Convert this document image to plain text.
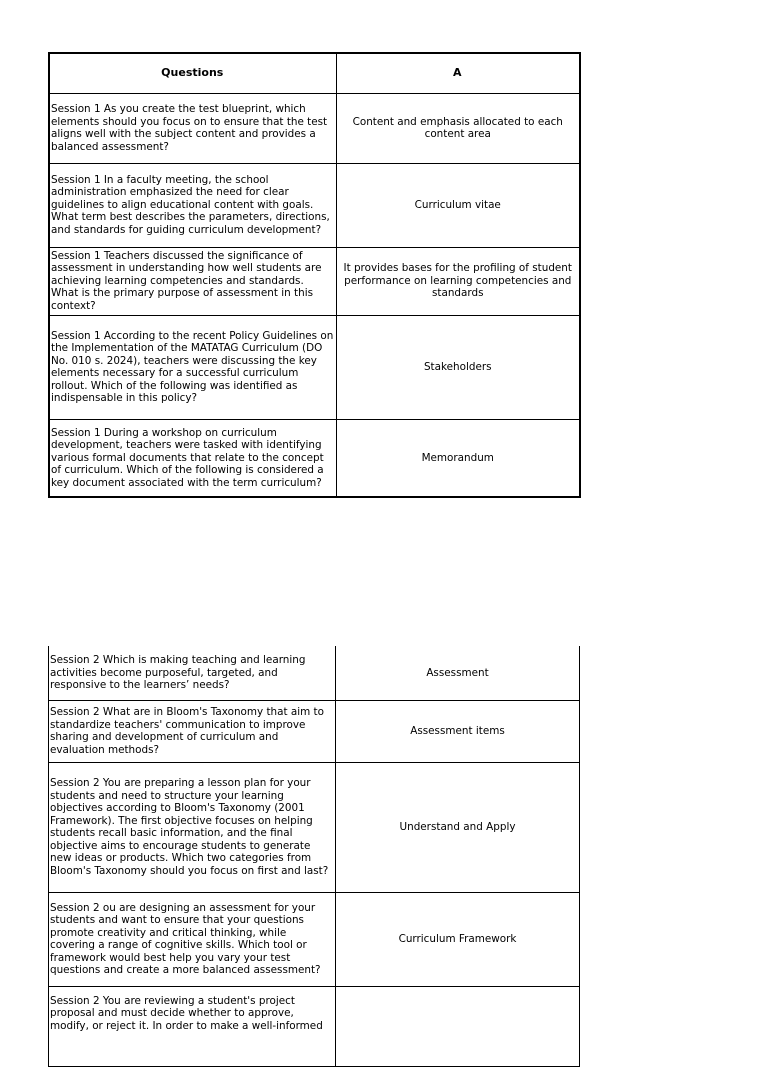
Questions	A
Session 1 As you create the test blueprint, which elements should you focus on to ensure that the test aligns well with the subject content and provides a balanced assessment?	Content and emphasis allocated to each content area
Session 1 In a faculty meeting, the school administration emphasized the need for clear guidelines to align educational content with goals. What term best describes the parameters, directions, and standards for guiding curriculum development?	Curriculum vitae
Session 1 Teachers discussed the significance of assessment in understanding how well students are achieving learning competencies and standards. What is the primary purpose of assessment in this context?	It provides bases for the profiling of student performance on learning competencies and standards
Session 1 According to the recent Policy Guidelines on the Implementation of the MATATAG Curriculum (DO No. 010 s. 2024), teachers were discussing the key elements necessary for a successful curriculum rollout. Which of the following was identified as indispensable in this policy?	Stakeholders
Session 1 During a workshop on curriculum development, teachers were tasked with identifying various formal documents that relate to the concept of curriculum. Which of the following is considered a key document associated with the term curriculum?	Memorandum
Session 2 Which is making teaching and learning activities become purposeful, targeted, and responsive to the learners’ needs?	Assessment
Session 2 What are in Bloom's Taxonomy that aim to standardize teachers' communication to improve sharing and development of curriculum and evaluation methods?	Assessment items
Session 2 You are preparing a lesson plan for your students and need to structure your learning objectives according to Bloom's Taxonomy (2001 Framework). The first objective focuses on helping students recall basic information, and the final objective aims to encourage students to generate new ideas or products. Which two categories from Bloom's Taxonomy should you focus on first and last?	Understand and Apply
Session 2 ou are designing an assessment for your students and want to ensure that your questions promote creativity and critical thinking, while covering a range of cognitive skills. Which tool or framework would best help you vary your test questions and create a more balanced assessment?	Curriculum Framework
Session 2 You are reviewing a student's project proposal and must decide whether to approve, modify, or reject it. In order to make a well-informed	
